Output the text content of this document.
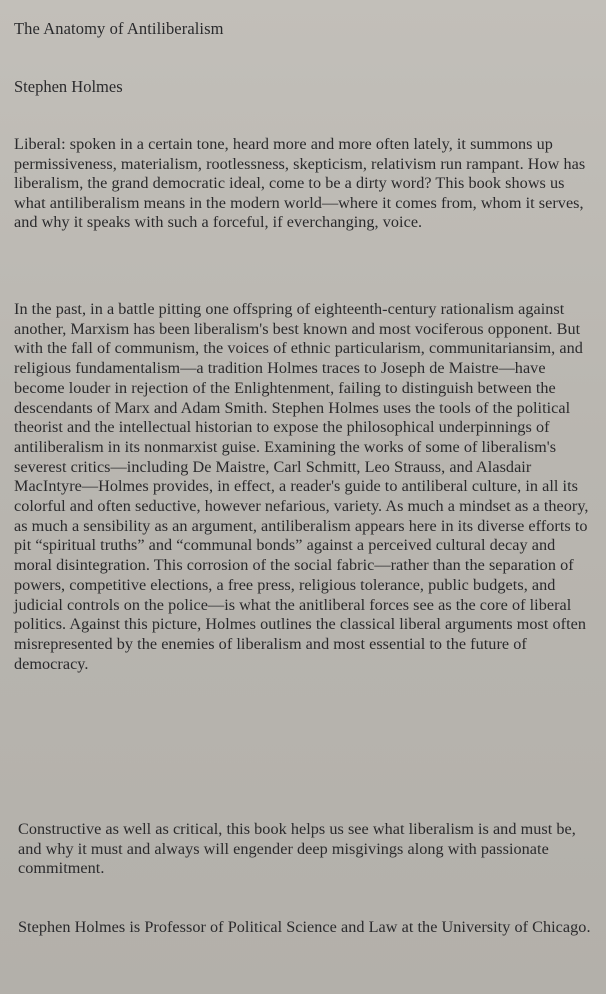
The Anatomy of Antiliberalism
Stephen Holmes

Liberal: spoken in a certain tone, heard more and more often lately, it summons up permissiveness, materialism, rootlessness, skepticism, relativism run rampant. How has liberalism, the grand democratic ideal, come to be a dirty word? This book shows us what antiliberalism means in the modern world—where it comes from, whom it serves, and why it speaks with such a forceful, if everchanging, voice.

In the past, in a battle pitting one offspring of eighteenth-century rationalism against another, Marxism has been liberalism's best known and most vociferous opponent. But with the fall of communism, the voices of ethnic particularism, communitariansim, and religious fundamentalism—a tradition Holmes traces to Joseph de Maistre—have become louder in rejection of the Enlightenment, failing to distinguish between the descendants of Marx and Adam Smith. Stephen Holmes uses the tools of the political theorist and the intellectual historian to expose the philosophical underpinnings of antiliberalism in its nonmarxist guise. Examining the works of some of liberalism's severest critics—including De Maistre, Carl Schmitt, Leo Strauss, and Alasdair MacIntyre—Holmes provides, in effect, a reader's guide to antiliberal culture, in all its colorful and often seductive, however nefarious, variety. As much a mindset as a theory, as much a sensibility as an argument, antiliberalism appears here in its diverse efforts to pit “spiritual truths” and “communal bonds” against a perceived cultural decay and moral disintegration. This corrosion of the social fabric—rather than the separation of powers, competitive elections, a free press, religious tolerance, public budgets, and judicial controls on the police—is what the anitliberal forces see as the core of liberal politics. Against this picture, Holmes outlines the classical liberal arguments most often misrepresented by the enemies of liberalism and most essential to the future of democracy.

Constructive as well as critical, this book helps us see what liberalism is and must be, and why it must and always will engender deep misgivings along with passionate commitment.

Stephen Holmes is Professor of Political Science and Law at the University of Chicago.
